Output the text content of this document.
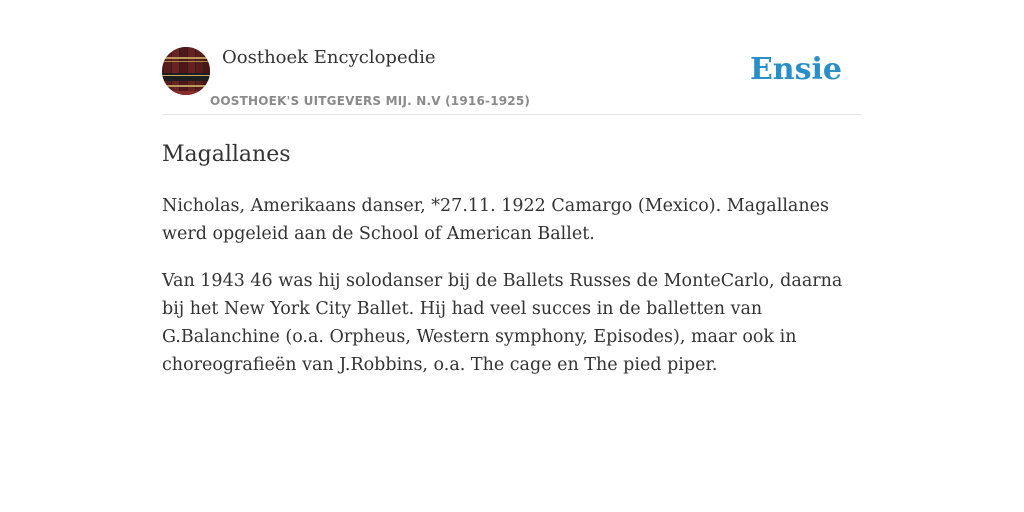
Oosthoek Encyclopedie
OOSTHOEK'S UITGEVERS MIJ. N.V (1916-1925)
Ensie
Magallanes

Nicholas, Amerikaans danser, *27.11. 1922 Camargo (Mexico). Magallanes werd opgeleid aan de School of American Ballet.

Van 1943 46 was hij solodanser bij de Ballets Russes de MonteCarlo, daarna bij het New York City Ballet. Hij had veel succes in de balletten van G.Balanchine (o.a. Orpheus, Western symphony, Episodes), maar ook in choreografieën van J.Robbins, o.a. The cage en The pied piper.
